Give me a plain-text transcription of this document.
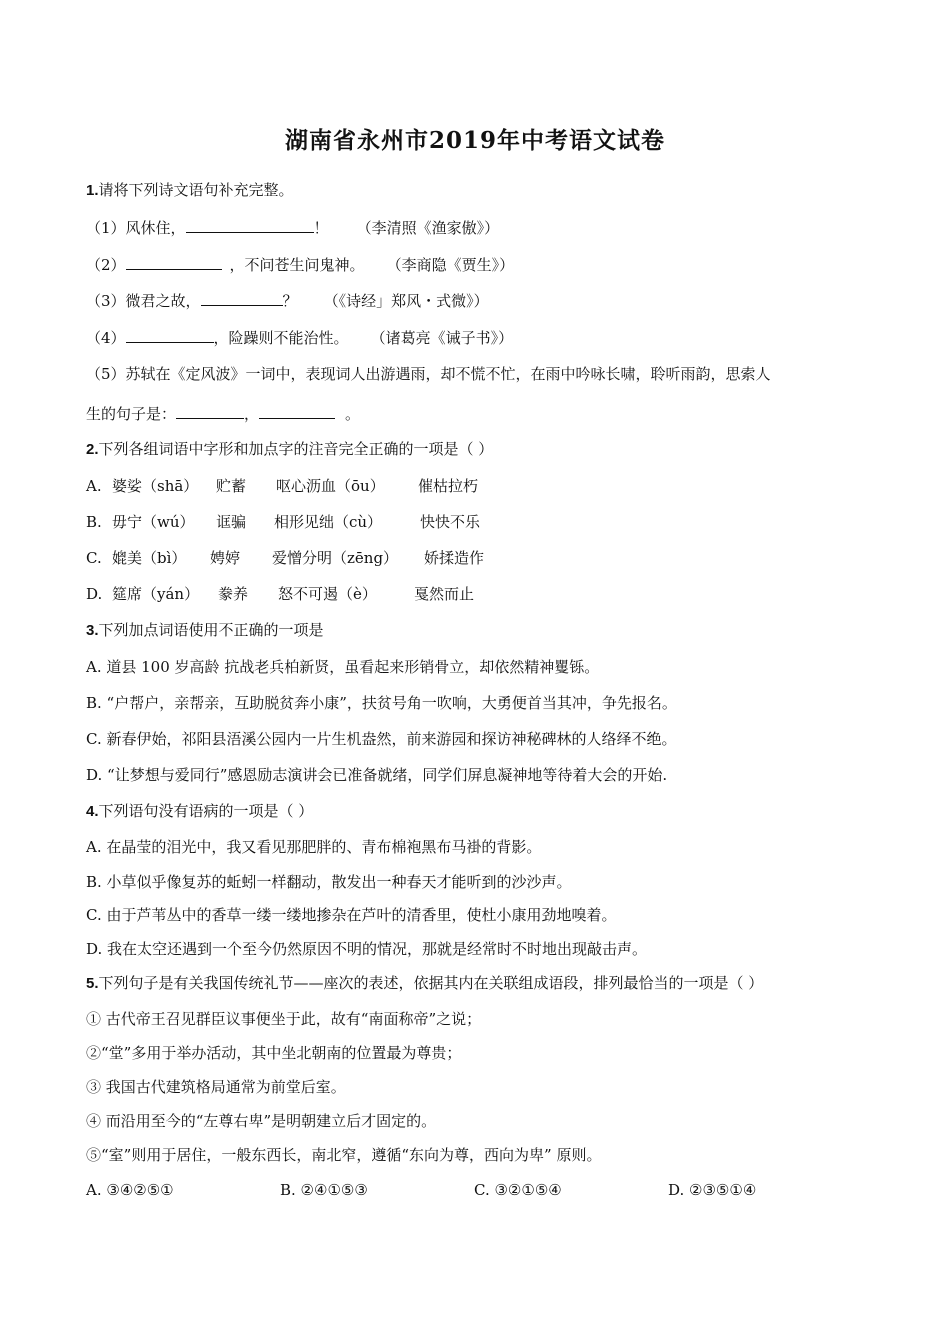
湖南省永州市2019年中考语文试卷
1.请将下列诗文语句补充完整。
（1）风休住，	！ （李清照《渔家傲》）
（2）	，不问苍生问鬼神。 （李商隐《贾生》）
（3）微君之故，	？ （《诗经」郑风・式微》）
（4）	，险躁则不能治性。 （诸葛亮《诫子书》）
（5）苏轼在《定风波》一词中，表现词人出游遇雨，却不慌不忙，在雨中吟咏长啸，聆听雨韵，思索人
生的句子是：	，	。
2.下列各组词语中字形和加点字的注音完全正确的一项是（ ）
A. 婆娑（shā） 贮蓄 呕心沥血（ōu） 催枯拉朽
B. 毋宁（wú） 诓骗 相形见绌（cù）	快快不乐
C. 媲美（bì） 娉婷 爱憎分明（zēng） 娇揉造作
D. 筵席（yán） 豢养 怒不可遏（è） 戛然而止
3.下列加点词语使用不正确的一项是
A. 道县 100 岁高龄 抗战老兵柏新贤，虽看起来形销骨立，却依然精神矍铄。
B. “户帮户，亲帮亲，互助脱贫奔小康”，扶贫号角一吹响，大勇便首当其冲，争先报名。
C. 新春伊始，祁阳县浯溪公园内一片生机盎然，前来游园和探访神秘碑林的人络绎不绝。
D. “让梦想与爱同行”感恩励志演讲会已准备就绪，同学们屏息凝神地等待着大会的开始.
4.下列语句没有语病的一项是（ ）
A. 在晶莹的泪光中，我又看见那肥胖的、青布棉袍黑布马褂的背影。
B. 小草似乎像复苏的蚯蚓一样翻动，散发出一种春天才能听到的沙沙声。
C. 由于芦苇丛中的香草一缕一缕地掺杂在芦叶的清香里，使杜小康用劲地嗅着。
D. 我在太空还遇到一个至今仍然原因不明的情况，那就是经常时不时地出现敲击声。
5.下列句子是有关我国传统礼节——座次的表述，依据其内在关联组成语段，排列最恰当的一项是（ ）
① 古代帝王召见群臣议事便坐于此，故有“南面称帝”之说；
②“堂”多用于举办活动，其中坐北朝南的位置最为尊贵；
③ 我国古代建筑格局通常为前堂后室。
④ 而沿用至今的“左尊右卑”是明朝建立后才固定的。
⑤“室”则用于居住，一般东西长，南北窄，遵循“东向为尊，西向为卑” 原则。
A. ③④②⑤①	B. ②④①⑤③	C. ③②①⑤④	D. ②③⑤①④
